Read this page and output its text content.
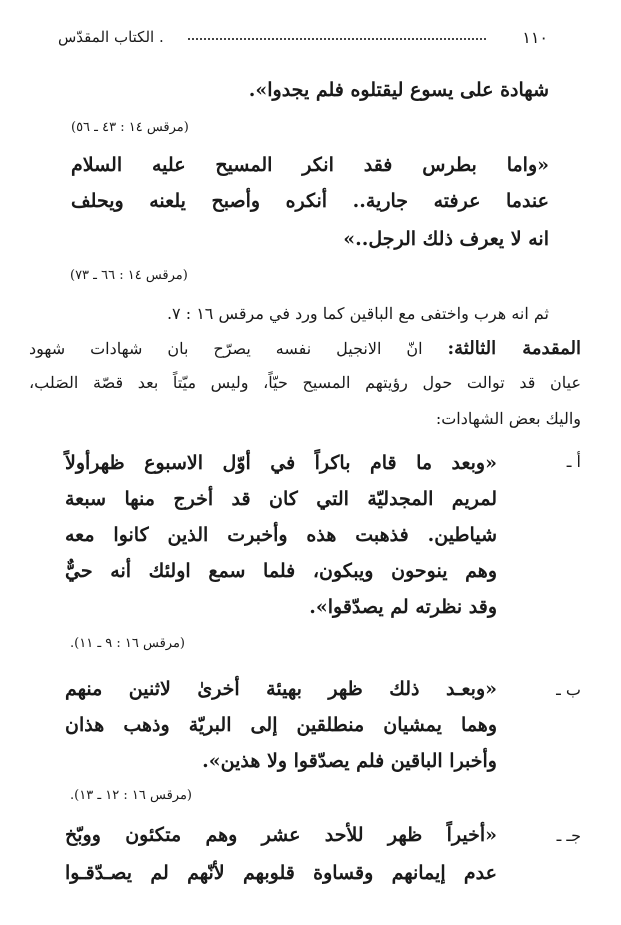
١١٠
. الكتاب المقدّس
شهادة على يسوع ليقتلوه فلم يجدوا».
(مرقس ١٤ : ٤٣ ـ ٥٦)
«واما بطرس فقد انكر المسيح عليه السلام
عندما عرفته جارية.. أنكره وأصبح يلعنه ويحلف
انه لا يعرف ذلك الرجل..»
(مرقس ١٤ : ٦٦ ـ ٧٣)
ثم انه هرب واختفى مع الباقين كما ورد في مرقس ١٦ : ٧.
المقدمة الثالثة: انّ الانجيل نفسه يصرّح بان شهادات شهود
عيان قد توالت حول رؤيتهم المسيح حيّاً، وليس ميّتاً بعد قصّة الصَلب،
واليك بعض الشهادات:
أ ـ
«وبعد ما قام باكراً في أوّل الاسبوع ظهرأولاً
لمريم المجدليّة التي كان قد أخرج منها سبعة
شياطين. فذهبت هذه وأخبرت الذين كانوا معه
وهم ينوحون ويبكون، فلما سمع اولئك أنه حيٌّ
وقد نظرته لم يصدّقوا».
(مرقس ١٦ : ٩ ـ ١١).
ب ـ
«وبعـد ذلك ظهر بهيئة أخرىٰ لاثنين منهم
وهما يمشيان منطلقين إلى البريّة وذهب هذان
وأخبرا الباقين فلم يصدّقوا ولا هذين».
(مرقس ١٦ : ١٢ ـ ١٣).
جـ ـ
«أخيراً ظهر للأحد عشر وهم متكئون ووبّخ
عدم إيمانهم وقساوة قلوبهم لأنّهم لم يصـدّقـوا
